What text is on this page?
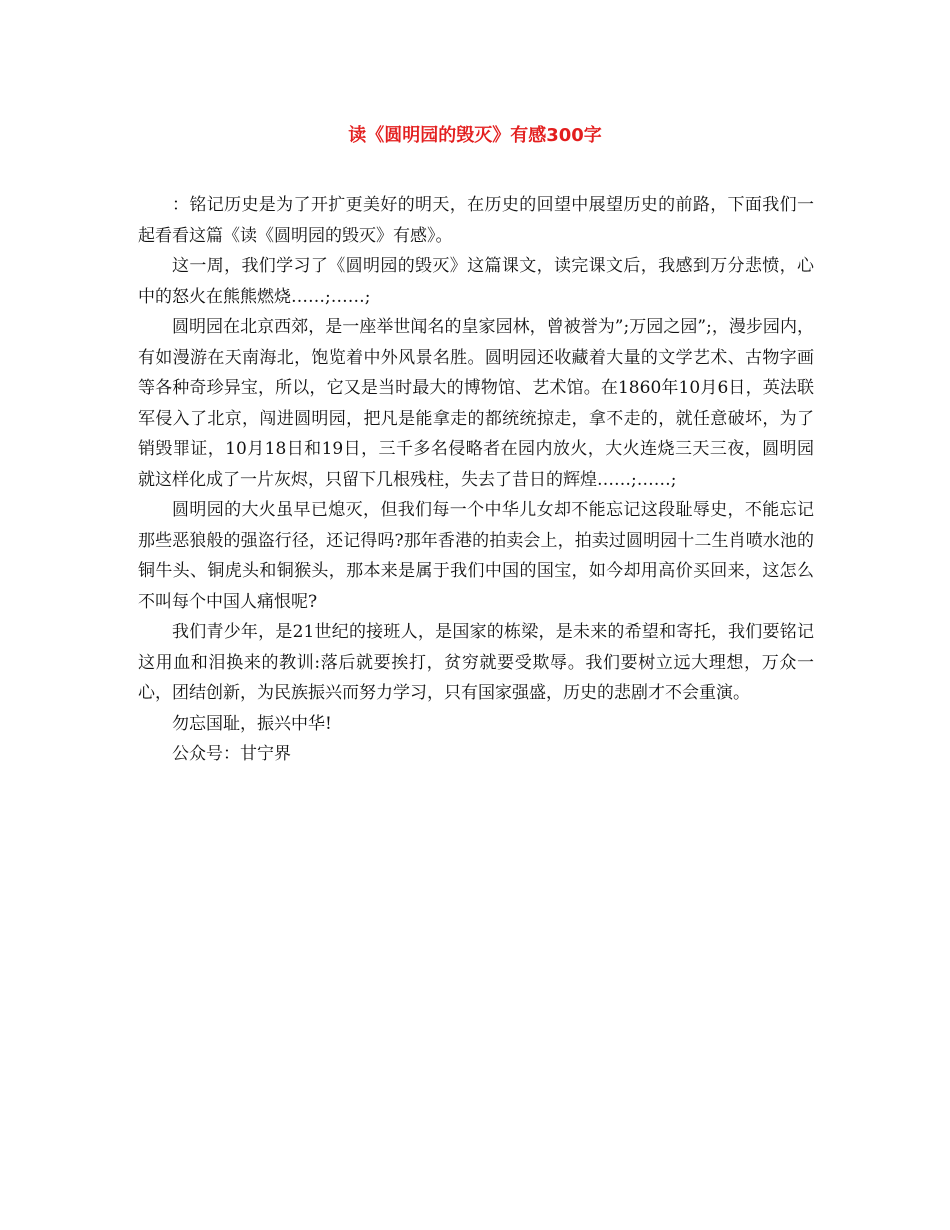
读《圆明园的毁灭》有感300字

：铭记历史是为了开扩更美好的明天，在历史的回望中展望历史的前路，下面我们一起看看这篇《读《圆明园的毁灭》有感》。

这一周，我们学习了《圆明园的毁灭》这篇课文，读完课文后，我感到万分悲愤，心中的怒火在熊熊燃烧……;……;

圆明园在北京西郊，是一座举世闻名的皇家园林，曾被誉为”;万园之园”;，漫步园内，有如漫游在天南海北，饱览着中外风景名胜。圆明园还收藏着大量的文学艺术、古物字画等各种奇珍异宝，所以，它又是当时最大的博物馆、艺术馆。在1860年10月6日，英法联军侵入了北京，闯进圆明园，把凡是能拿走的都统统掠走，拿不走的，就任意破坏，为了销毁罪证，10月18日和19日，三千多名侵略者在园内放火，大火连烧三天三夜，圆明园就这样化成了一片灰烬，只留下几根残柱，失去了昔日的辉煌……;……;

圆明园的大火虽早已熄灭，但我们每一个中华儿女却不能忘记这段耻辱史，不能忘记那些恶狼般的强盗行径，还记得吗?那年香港的拍卖会上，拍卖过圆明园十二生肖喷水池的铜牛头、铜虎头和铜猴头，那本来是属于我们中国的国宝，如今却用高价买回来，这怎么不叫每个中国人痛恨呢?

我们青少年，是21世纪的接班人，是国家的栋梁，是未来的希望和寄托，我们要铭记这用血和泪换来的教训:落后就要挨打，贫穷就要受欺辱。我们要树立远大理想，万众一心，团结创新，为民族振兴而努力学习，只有国家强盛，历史的悲剧才不会重演。

勿忘国耻，振兴中华!

公众号：甘宁界
